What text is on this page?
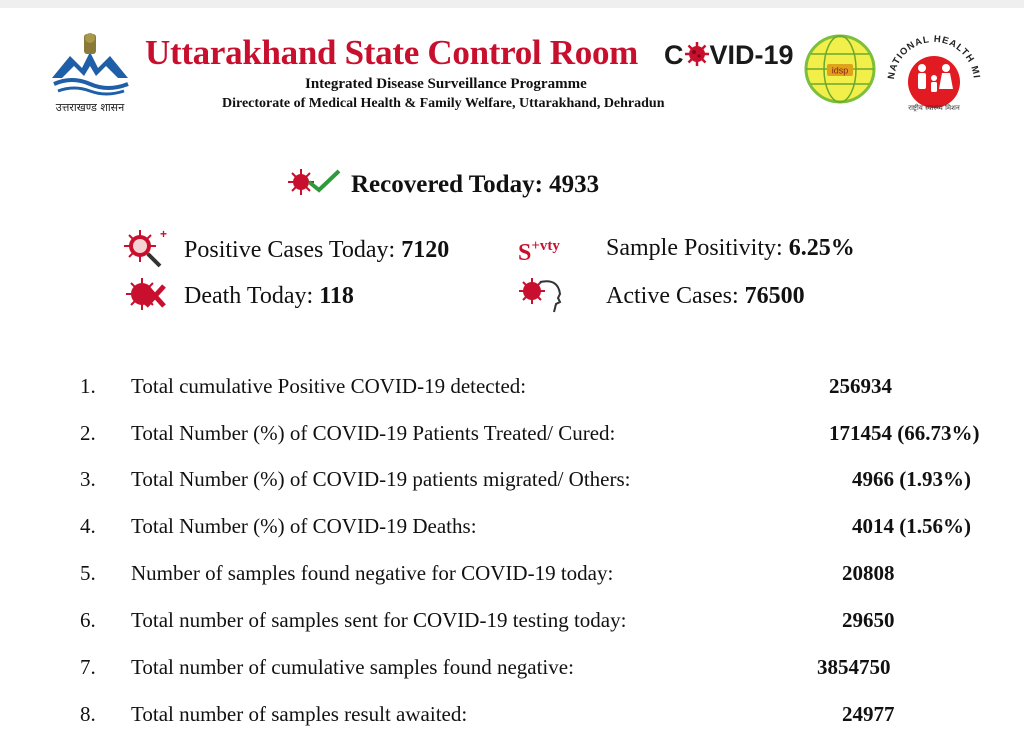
उत्तराखण्ड शासन
Uttarakhand State Control Room
Integrated Disease Surveillance Programme
Directorate of Medical Health & Family Welfare, Uttarakhand, Dehradun
C VID-19
idsp	NATIONAL HEALTH MI
राष्ट्रीय स्वास्थ्य मिशन
Recovered Today: 4933
+
Positive Cases Today: 7120	$S^{+vty}$ Sample Positivity: 6.25%
Death Today: 118	Active Cases: 76500
1. Total cumulative Positive COVID-19 detected:	256934
2. Total Number (%) of COVID-19 Patients Treated/ Cured:	171454 (66.73%)
3. Total Number (%) of COVID-19 patients migrated/ Others:	4966 (1.93%)
4. Total Number (%) of COVID-19 Deaths:	4014 (1.56%)
5. Number of samples found negative for COVID-19 today:	20808
6. Total number of samples sent for COVID-19 testing today:	29650
7. Total number of cumulative samples found negative:	3854750
8. Total number of samples result awaited:	24977
